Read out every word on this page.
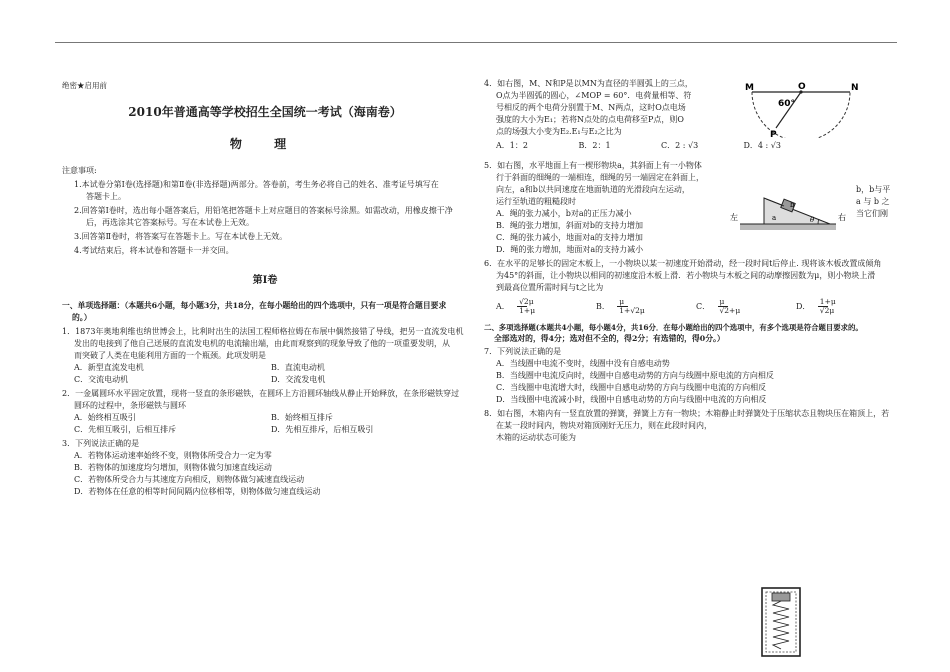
绝密★启用前
2010年普通高等学校招生全国统一考试（海南卷）
物 理
注意事项:
1.本试卷分第Ⅰ卷(选择题)和第Ⅱ卷(非选择题)两部分。答卷前，考生务必将自己的姓名、准考证号填写在
答题卡上。
2.回答第Ⅰ卷时，选出每小题答案后，用铅笔把答题卡上对应题目的答案标号涂黑。如需改动，用橡皮擦干净
后，再选涂其它答案标号。写在本试卷上无效。
3.回答第Ⅱ卷时，将答案写在答题卡上。写在本试卷上无效。
4.考试结束后，将本试卷和答题卡一并交回。
第Ⅰ卷
一、单项选择题：（本题共6小题，每小题3分，共18分，在每小题给出的四个选项中，只有一项是符合题目要求
的。）
1．1873年奥地利维也纳世博会上，比利时出生的法国工程师格拉姆在布展中偶然接错了导线，把另一直流发电机
发出的电接到了他自己送展的直流发电机的电流输出端，由此而观察到的现象导致了他的一项重要发明，从
而突破了人类在电能利用方面的一个瓶颈。此项发明是
A．新型直流发电机	B．直流电动机
C．交流电动机	D．交流发电机
2．一金属圆环水平固定放置，现将一竖直的条形磁铁，在圆环上方沿圆环轴线从静止开始释放，在条形磁铁穿过
圆环的过程中，条形磁铁与圆环
A．始终相互吸引	B．始终相互排斥
C．先相互吸引，后相互排斥	D．先相互排斥，后相互吸引
3．下列说法正确的是
A．若物体运动速率始终不变，则物体所受合力一定为零
B．若物体的加速度均匀增加，则物体做匀加速直线运动
C．若物体所受合力与其速度方向相反，则物体做匀减速直线运动
D．若物体在任意的相等时间间隔内位移相等，则物体做匀速直线运动
4．如右图，M、N和P是以MN为直径的半圆弧上的三点，
O点为半圆弧的圆心，∠MOP = 60°．电荷量相等、符
号相反的两个电荷分别置于M、N两点，这时O点电场
强度的大小为E₁；若将N点处的点电荷移至P点，则O
点的场强大小变为E₂.E₁与E₂之比为
A．1：2	B．2：1	C．2 : √3	D．4 : √3
5．如右图，水平地面上有一楔形物块a，其斜面上有一小物体
行于斜面的细绳的一端相连，细绳的另一端固定在斜面上，
向左，a和b以共同速度在地面轨道的光滑段向左运动，
运行至轨道的粗糙段时
b，b与平
a 与 b 之
当它们刚
A．绳的张力减小，b对a的正压力减小
B．绳的张力增加，斜面对b的支持力增加
C．绳的张力减小，地面对a的支持力增加
D．绳的张力增加，地面对a的支持力减小
6．在水平的足够长的固定木板上，一小物块以某一初速度开始滑动，经一段时间t后停止. 现将该木板改置成倾角
为45°的斜面，让小物块以相同的初速度沿木板上滑．若小物块与木板之间的动摩擦因数为μ，则小物块上滑
到最高位置所需时间与t之比为
A． $\frac{√2\mu}{1+\mu}$	B． $\frac{\mu}{1+√2\mu}$	C． $\frac{\mu}{√2+\mu}$	D． $\frac{1+\mu}{√2\mu}$
二、多项选择题(本题共4小题，每小题4分，共16分．在每小题给出的四个选项中，有多个选项是符合题目要求的。
全部选对的，得4分；选对但不全的，得2分；有选错的，得0分。）
7．下列说法正确的是
A．当线圈中电流不变时，线圈中没有自感电动势
B．当线圈中电流反向时，线圈中自感电动势的方向与线圈中原电流的方向相反
C．当线圈中电流增大时，线圈中自感电动势的方向与线圈中电流的方向相反
D．当线圈中电流减小时，线圈中自感电动势的方向与线圈中电流的方向相反
8．如右图，木箱内有一竖直放置的弹簧，弹簧上方有一物块；木箱静止时弹簧处于压缩状态且物块压在箱顶上，若
在某一段时间内，物块对箱顶刚好无压力，则在此段时间内，
木箱的运动状态可能为
M	O	N
P
60°
左	右
a
b
θ
